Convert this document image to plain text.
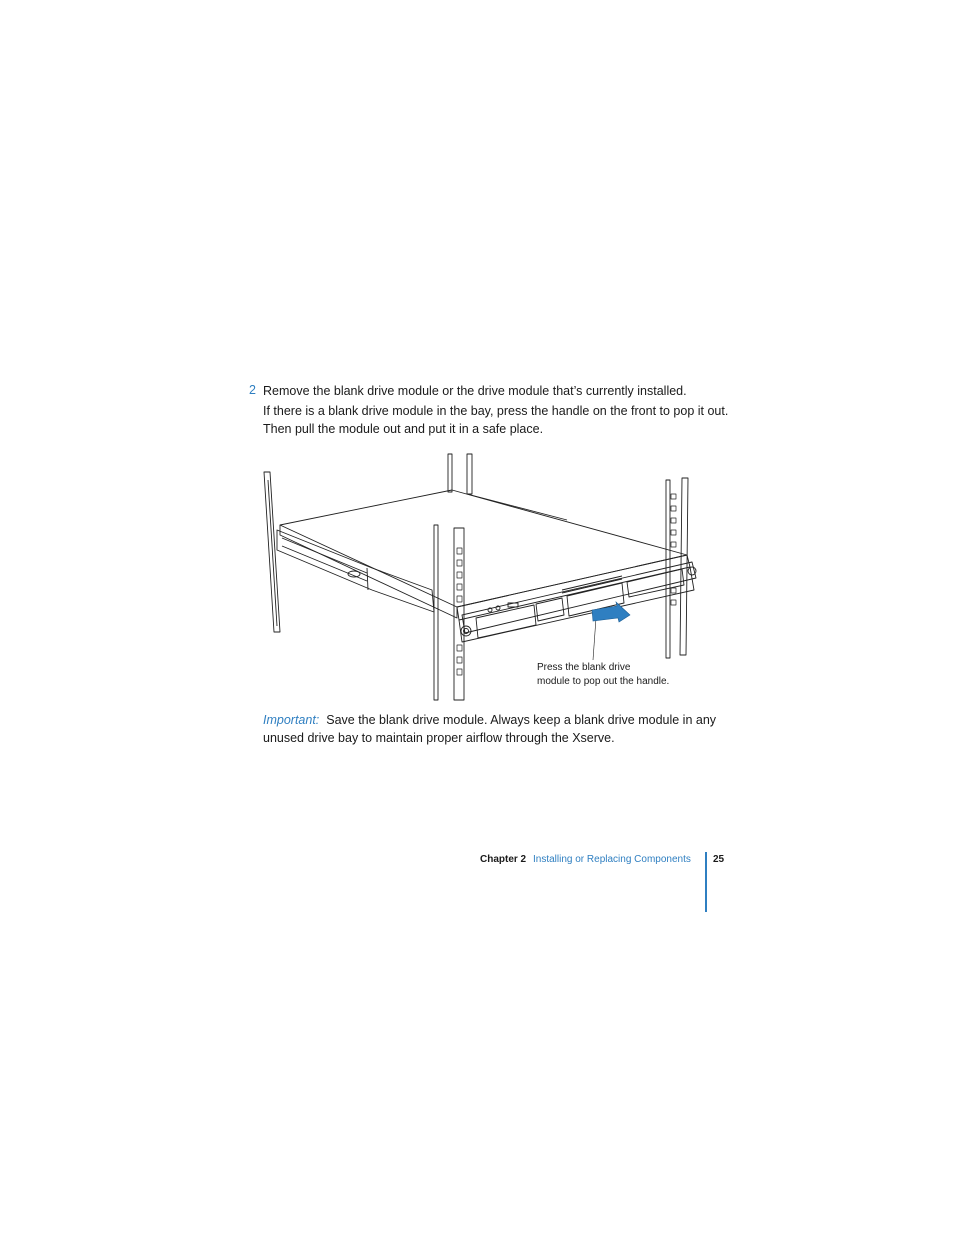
2 Remove the blank drive module or the drive module that’s currently installed.

If there is a blank drive module in the bay, press the handle on the front to pop it out.

Then pull the module out and put it in a safe place.

Press the blank drive
module to pop out the handle.

Important: Save the blank drive module. Always keep a blank drive module in any

unused drive bay to maintain proper airflow through the Xserve.

Chapter 2 Installing or Replacing Components 25
